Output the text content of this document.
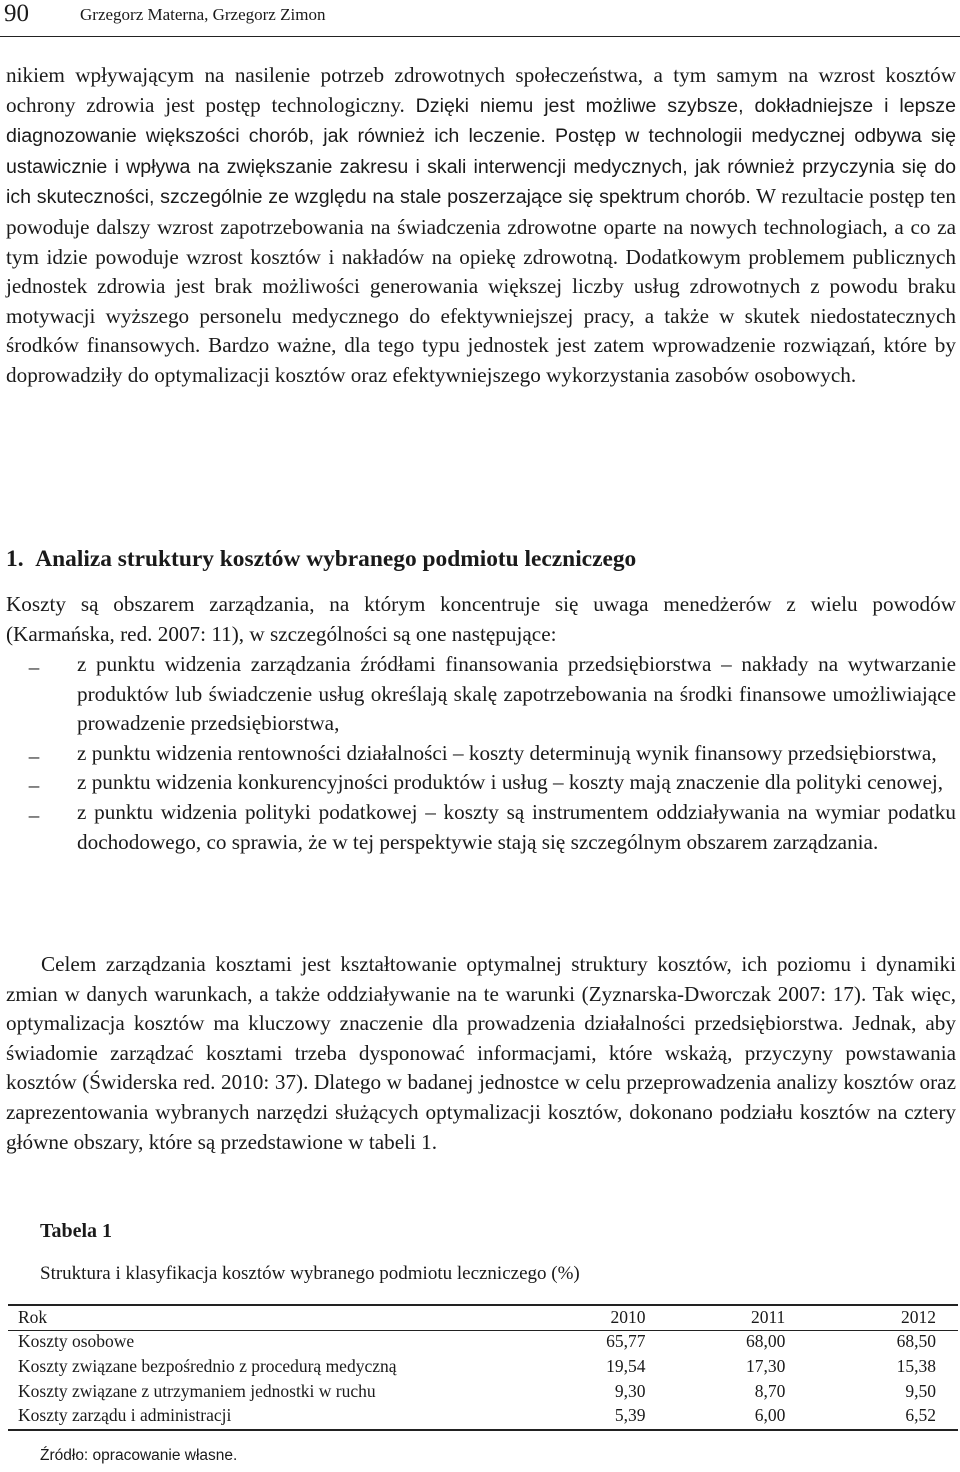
90	Grzegorz Materna, Grzegorz Zimon

nikiem wpływającym na nasilenie potrzeb zdrowotnych społeczeństwa, a tym samym na wzrost kosztów ochrony zdrowia jest postęp technologiczny. Dzięki niemu jest możliwe szybsze, dokładniejsze i lepsze diagnozowanie większości chorób, jak również ich leczenie. Postęp w technologii medycznej odbywa się ustawicznie i wpływa na zwiększanie zakresu i skali interwencji medycznych, jak również przyczynia się do ich skuteczności, szczególnie ze względu na stale poszerzające się spektrum chorób. W rezultacie postęp ten powoduje dalszy wzrost zapotrzebowania na świadczenia zdrowotne oparte na nowych technologiach, a co za tym idzie powoduje wzrost kosztów i nakładów na opiekę zdrowotną. Dodatkowym problemem publicznych jednostek zdrowia jest brak możliwości generowania większej liczby usług zdrowotnych z powodu braku motywacji wyższego personelu medycznego do efektywniejszej pracy, a także w skutek niedostatecznych środków finansowych. Bardzo ważne, dla tego typu jednostek jest zatem wprowadzenie rozwiązań, które by doprowadziły do optymalizacji kosztów oraz efektywniejszego wykorzystania zasobów osobowych.

1. Analiza struktury kosztów wybranego podmiotu leczniczego

Koszty są obszarem zarządzania, na którym koncentruje się uwaga menedżerów z wielu powodów (Karmańska, red. 2007: 11), w szczególności są one następujące:

–	z punktu widzenia zarządzania źródłami finansowania przedsiębiorstwa – nakłady na wytwarzanie produktów lub świadczenie usług określają skalę zapotrzebowania na środki finansowe umożliwiające prowadzenie przedsiębiorstwa,
–	z punktu widzenia rentowności działalności – koszty determinują wynik finansowy przedsiębiorstwa,
–	z punktu widzenia konkurencyjności produktów i usług – koszty mają znaczenie dla polityki cenowej,
–	z punktu widzenia polityki podatkowej – koszty są instrumentem oddziaływania na wymiar podatku dochodowego, co sprawia, że w tej perspektywie stają się szczególnym obszarem zarządzania.

Celem zarządzania kosztami jest kształtowanie optymalnej struktury kosztów, ich poziomu i dynamiki zmian w danych warunkach, a także oddziaływanie na te warunki (Zyznarska-Dworczak 2007: 17). Tak więc, optymalizacja kosztów ma kluczowy znaczenie dla prowadzenia działalności przedsiębiorstwa. Jednak, aby świadomie zarządzać kosztami trzeba dysponować informacjami, które wskażą, przyczyny powstawania kosztów (Świderska red. 2010: 37). Dlatego w badanej jednostce w celu przeprowadzenia analizy kosztów oraz zaprezentowania wybranych narzędzi służących optymalizacji kosztów, dokonano podziału kosztów na cztery główne obszary, które są przedstawione w tabeli 1.

Tabela 1

Struktura i klasyfikacja kosztów wybranego podmiotu leczniczego (%)

Rok	2010	2011	2012
Koszty osobowe	65,77	68,00	68,50
Koszty związane bezpośrednio z procedurą medyczną	19,54	17,30	15,38
Koszty związane z utrzymaniem jednostki w ruchu	9,30	8,70	9,50
Koszty zarządu i administracji	5,39	6,00	6,52

Źródło: opracowanie własne.
